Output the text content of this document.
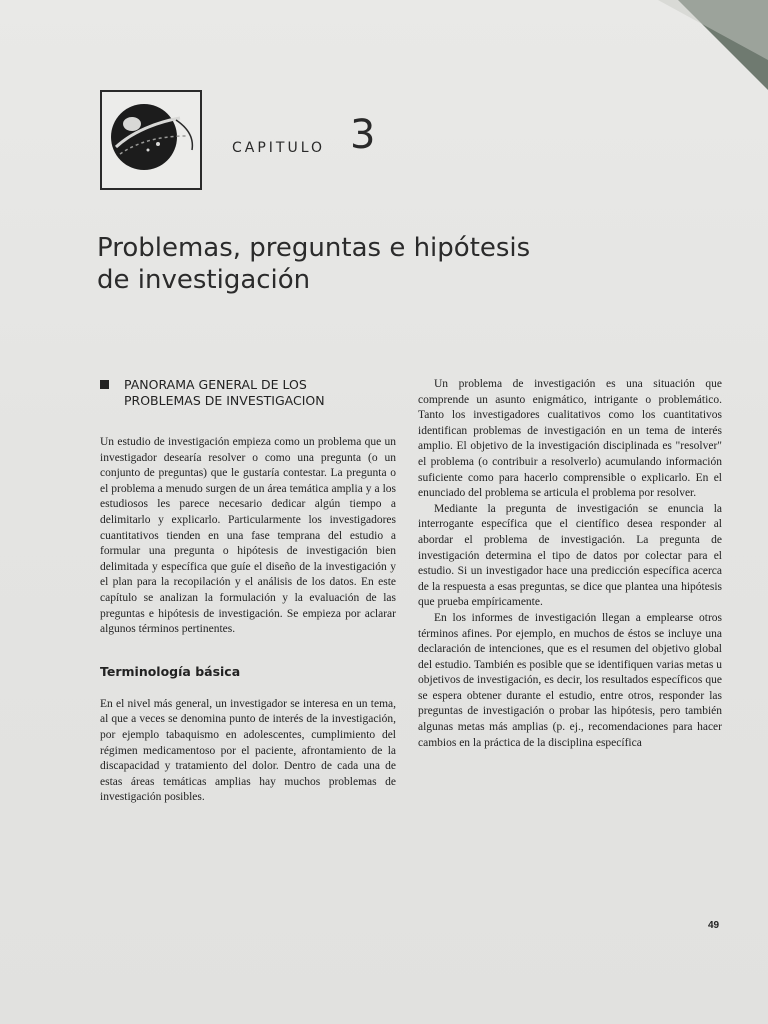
CAPITULO 3
Problemas, preguntas e hipótesis
de investigación
PANORAMA GENERAL DE LOS
PROBLEMAS DE INVESTIGACION

Un estudio de investigación empieza como un problema que un investigador desearía resolver o como una pregunta (o un conjunto de preguntas) que le gustaría contestar. La pregunta o el problema a menudo surgen de un área temática amplia y a los estudiosos les parece necesario dedicar algún tiempo a delimitarlo y explicarlo. Particularmente los investigadores cuantitativos tienden en una fase temprana del estudio a formular una pregunta o hipótesis de investigación bien delimitada y específica que guíe el diseño de la investigación y el plan para la recopilación y el análisis de los datos. En este capítulo se analizan la formulación y la evaluación de las preguntas e hipótesis de investigación. Se empieza por aclarar algunos términos pertinentes.

Terminología básica

En el nivel más general, un investigador se interesa en un tema, al que a veces se denomina punto de interés de la investigación, por ejemplo tabaquismo en adolescentes, cumplimiento del régimen medicamentoso por el paciente, afrontamiento de la discapacidad y tratamiento del dolor. Dentro de cada una de estas áreas temáticas amplias hay muchos problemas de investigación posibles.

Un problema de investigación es una situación que comprende un asunto enigmático, intrigante o problemático. Tanto los investigadores cualitativos como los cuantitativos identifican problemas de investigación en un tema de interés amplio. El objetivo de la investigación disciplinada es "resolver" el problema (o contribuir a resolverlo) acumulando información suficiente como para hacerlo comprensible o explicarlo. En el enunciado del problema se articula el problema por resolver.

Mediante la pregunta de investigación se enuncia la interrogante específica que el científico desea responder al abordar el problema de investigación. La pregunta de investigación determina el tipo de datos por colectar para el estudio. Si un investigador hace una predicción específica acerca de la respuesta a esas preguntas, se dice que plantea una hipótesis que prueba empíricamente.

En los informes de investigación llegan a emplearse otros términos afines. Por ejemplo, en muchos de éstos se incluye una declaración de intenciones, que es el resumen del objetivo global del estudio. También es posible que se identifiquen varias metas u objetivos de investigación, es decir, los resultados específicos que se espera obtener durante el estudio, entre otros, responder las preguntas de investigación o probar las hipótesis, pero también algunas metas más amplias (p. ej., recomendaciones para hacer cambios en la práctica de la disciplina específica

49
